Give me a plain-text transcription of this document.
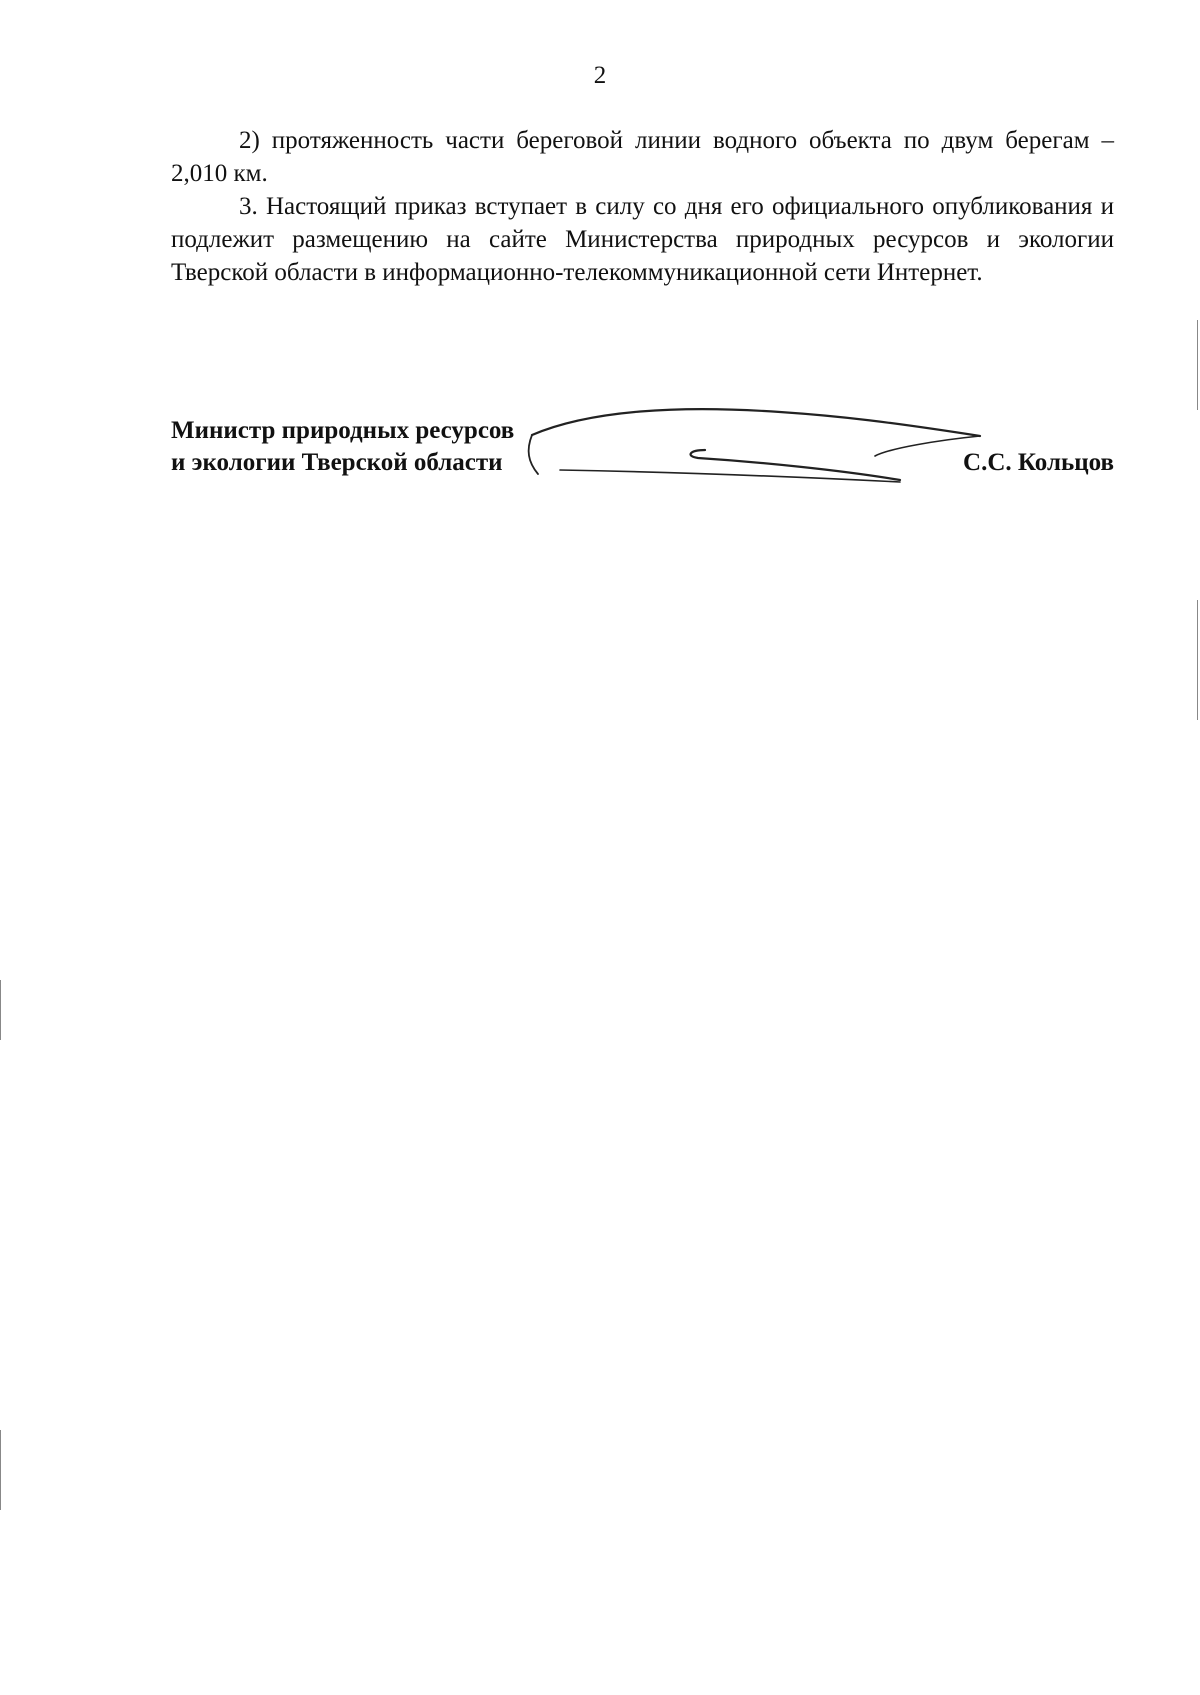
2

2) протяженность части береговой линии водного объекта по двум берегам – 2,010 км.

3. Настоящий приказ вступает в силу со дня его официального опубликования и подлежит размещению на сайте Министерства природных ресурсов и экологии Тверской области в информационно-телекоммуникационной сети Интернет.

Министр природных ресурсов
и экологии Тверской области	С.С. Кольцов
